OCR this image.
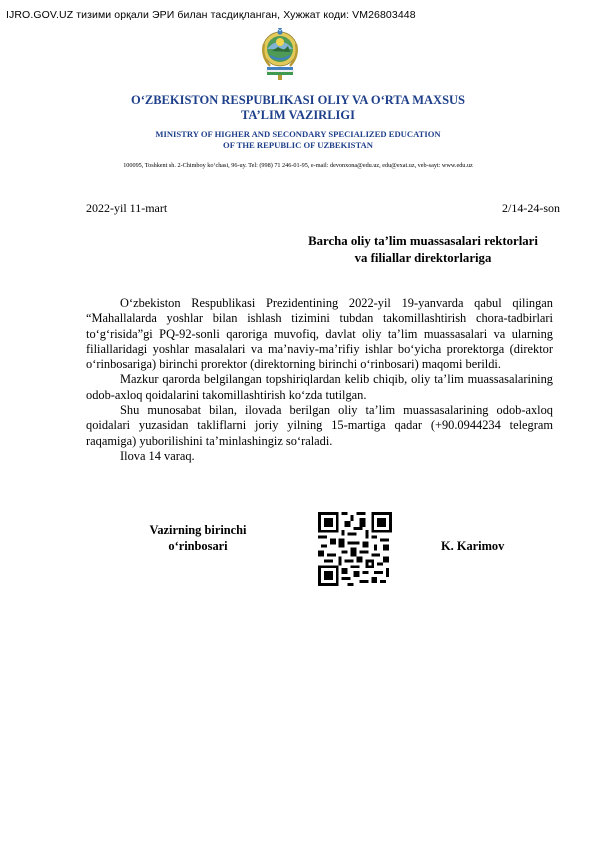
IJRO.GOV.UZ тизими орқали ЭРИ билан тасдиқланган, Хужжат коди: VM26803448
O‘ZBEKISTON RESPUBLIKASI OLIY VA O‘RTA MAXSUS
TA’LIM VAZIRLIGI
MINISTRY OF HIGHER AND SECONDARY SPECIALIZED EDUCATION
OF THE REPUBLIC OF UZBEKISTAN
100095, Toshkent sh. 2-Chimboy ko‘chasi, 96-uy. Tel: (998) 71 246-01-95, e-mail: devonxona@edu.uz, edu@exat.uz, veb-sayt: www.edu.uz
2022-yil 11-mart	2/14-24-son
Barcha oliy ta’lim muassasalari rektorlari
va filiallar direktorlariga

O‘zbekiston Respublikasi Prezidentining 2022-yil 19-yanvarda qabul qilingan “Mahallalarda yoshlar bilan ishlash tizimini tubdan takomillashtirish chora-tadbirlari to‘g‘risida”gi PQ-92-sonli qaroriga muvofiq, davlat oliy ta’lim muassasalari va ularning filiallaridagi yoshlar masalalari va ma’naviy-ma’rifiy ishlar bo‘yicha prorektorga (direktor o‘rinbosariga) birinchi prorektor (direktorning birinchi o‘rinbosari) maqomi berildi.

Mazkur qarorda belgilangan topshiriqlardan kelib chiqib, oliy ta’lim muassasalarining odob-axloq qoidalarini takomillashtirish ko‘zda tutilgan.

Shu munosabat bilan, ilovada berilgan oliy ta’lim muassasalarining odob-axloq qoidalari yuzasidan takliflarni joriy yilning 15-martiga qadar (+90.0944234 telegram raqamiga) yuborilishini ta’minlashingiz so‘raladi.

Ilova 14 varaq.

Vazirning birinchi
o‘rinbosari	K. Karimov
